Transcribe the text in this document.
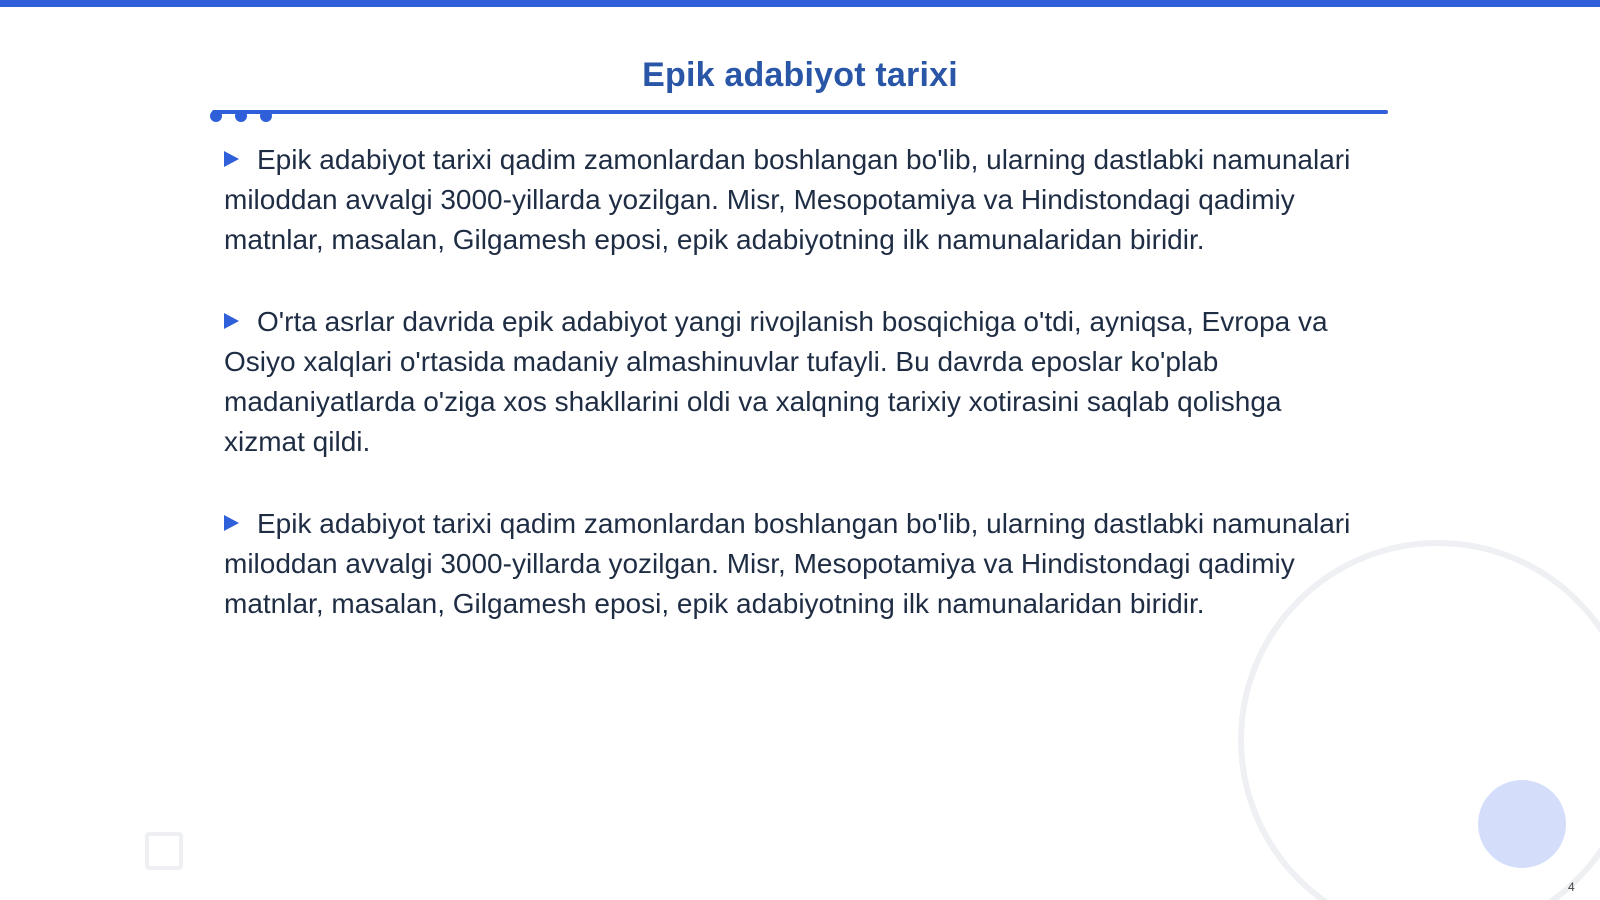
Epik adabiyot tarixi

Epik adabiyot tarixi qadim zamonlardan boshlangan bo'lib, ularning dastlabki namunalari miloddan avvalgi 3000-yillarda yozilgan. Misr, Mesopotamiya va Hindistondagi qadimiy matnlar, masalan, Gilgamesh eposi, epik adabiyotning ilk namunalaridan biridir.

O'rta asrlar davrida epik adabiyot yangi rivojlanish bosqichiga o'tdi, ayniqsa, Evropa va Osiyo xalqlari o'rtasida madaniy almashinuvlar tufayli. Bu davrda eposlar ko'plab madaniyatlarda o'ziga xos shakllarini oldi va xalqning tarixiy xotirasini saqlab qolishga xizmat qildi.

Epik adabiyot tarixi qadim zamonlardan boshlangan bo'lib, ularning dastlabki namunalari miloddan avvalgi 3000-yillarda yozilgan. Misr, Mesopotamiya va Hindistondagi qadimiy matnlar, masalan, Gilgamesh eposi, epik adabiyotning ilk namunalaridan biridir.

4
